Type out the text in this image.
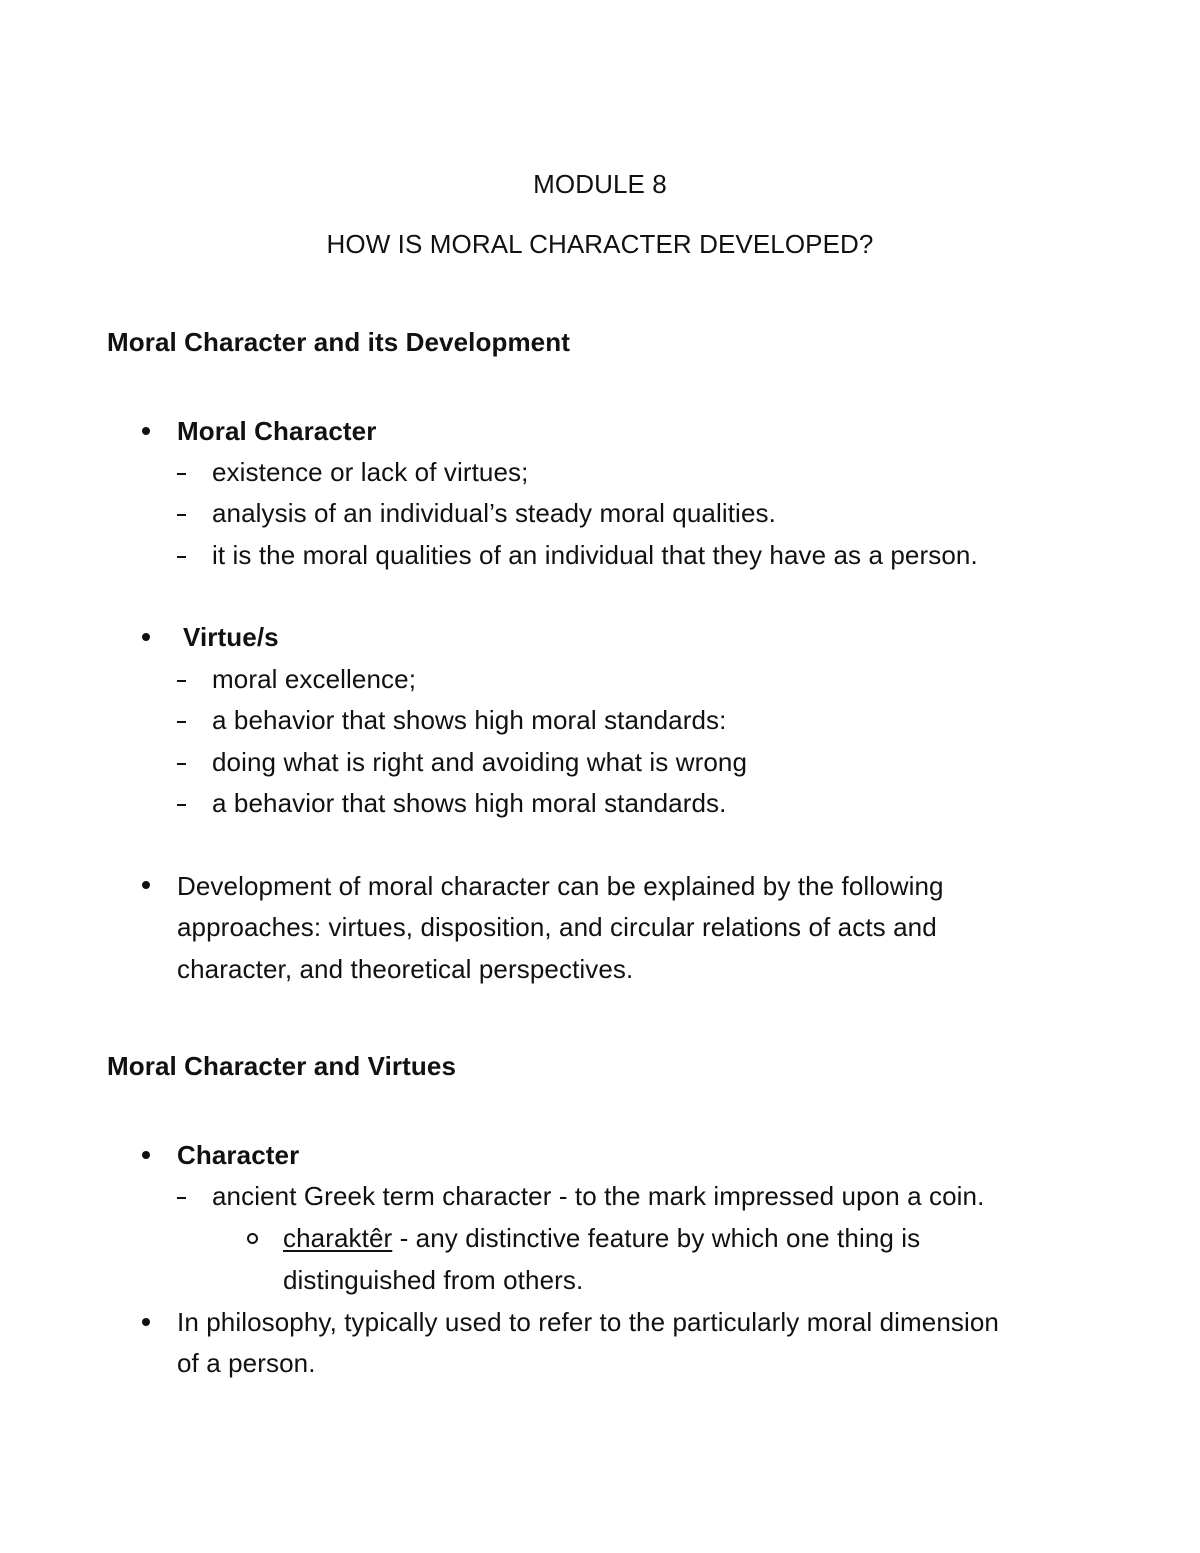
MODULE 8
HOW IS MORAL CHARACTER DEVELOPED?
Moral Character and its Development
Moral Character
existence or lack of virtues;
analysis of an individual’s steady moral qualities.
it is the moral qualities of an individual that they have as a person.
Virtue/s
moral excellence;
a behavior that shows high moral standards:
doing what is right and avoiding what is wrong
a behavior that shows high moral standards.
Development of moral character can be explained by the following
approaches: virtues, disposition, and circular relations of acts and
character, and theoretical perspectives.
Moral Character and Virtues
Character
ancient Greek term character - to the mark impressed upon a coin.
charaktêr - any distinctive feature by which one thing is
distinguished from others.
In philosophy, typically used to refer to the particularly moral dimension
of a person.
